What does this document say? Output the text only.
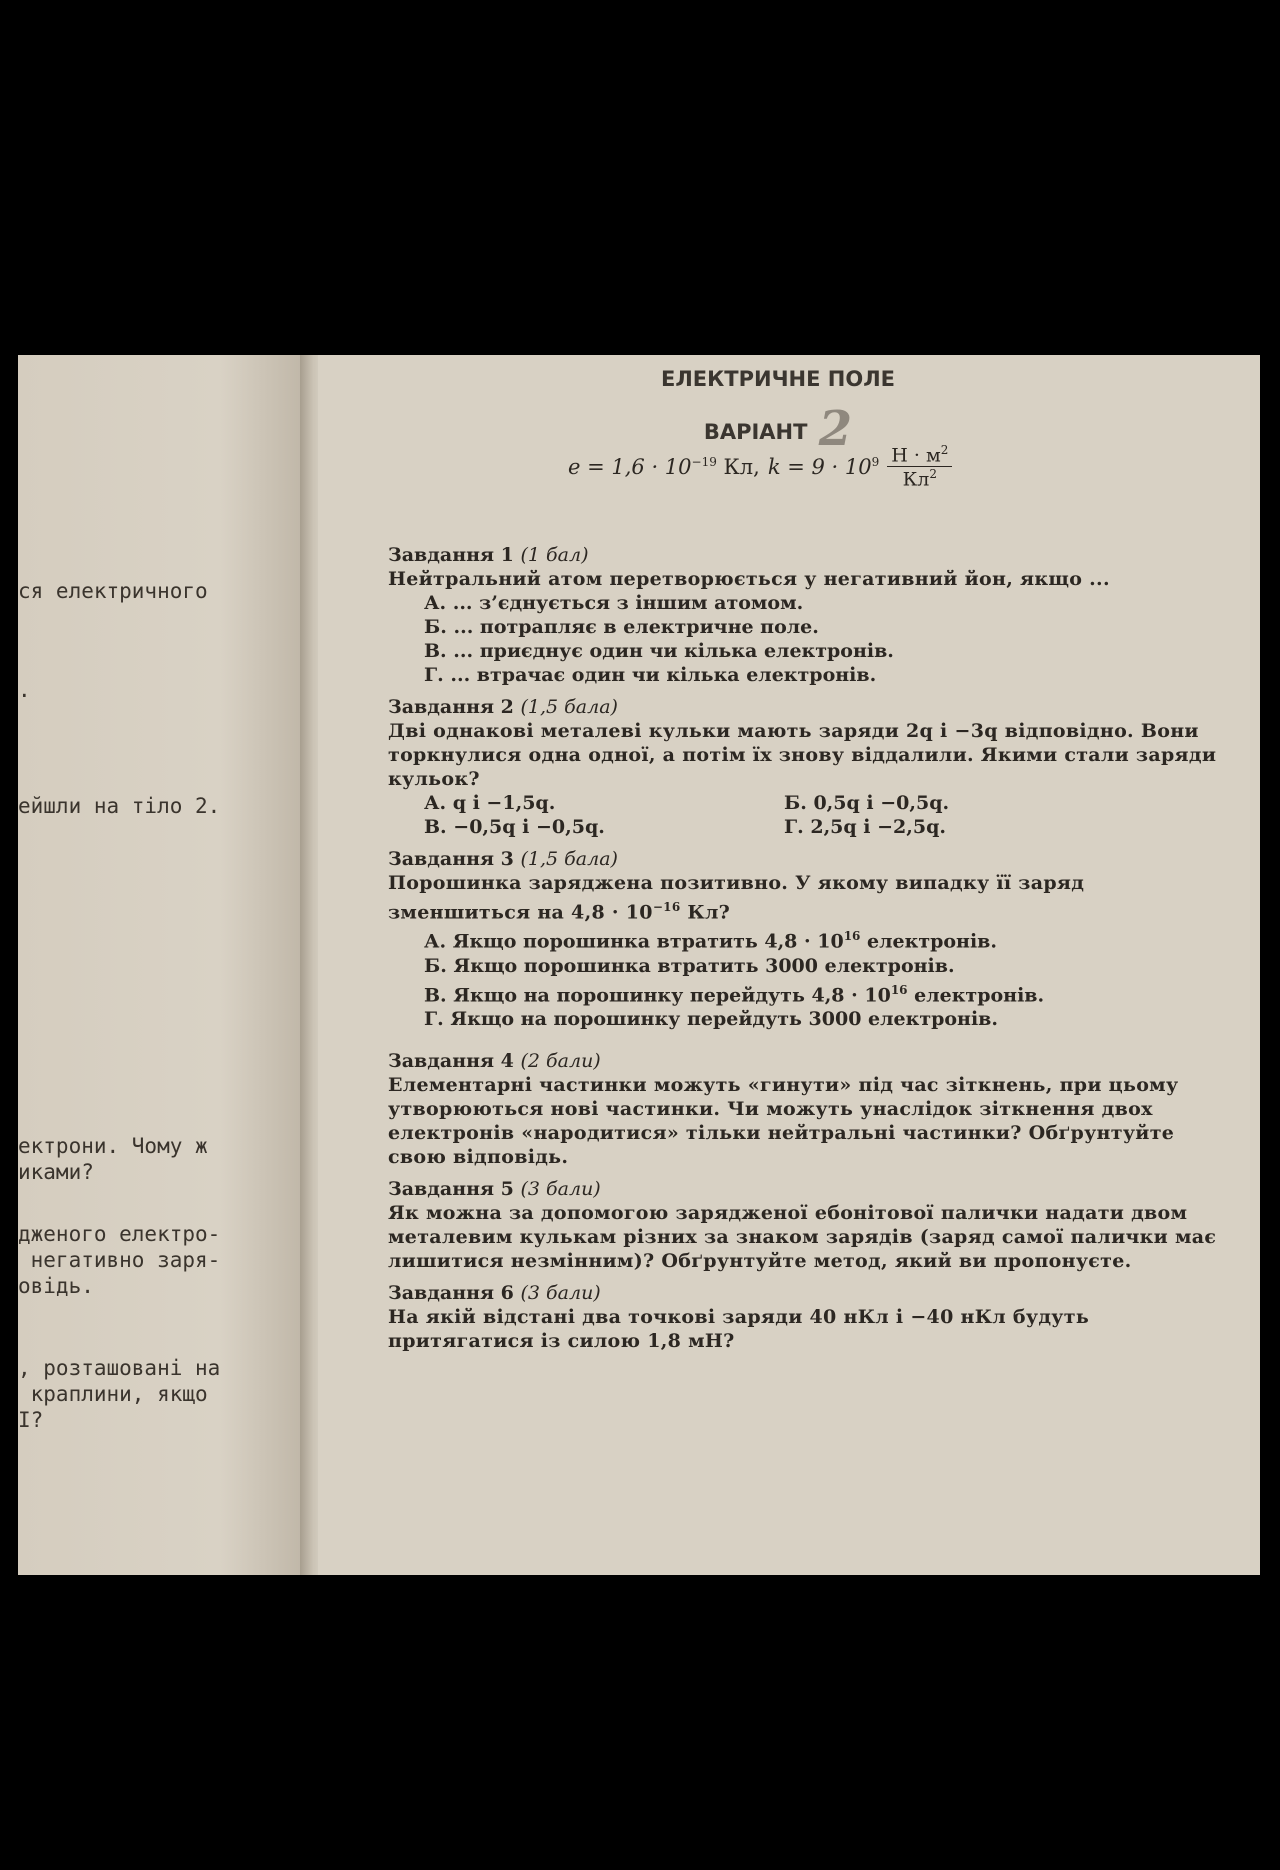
ся електричного
.
ейшли на тіло 2.
ектрони. Чому ж
иками?
дженого електро-
негативно заря-
овідь.
, розташовані на
краплини, якщо
І?
ЕЛЕКТРИЧНЕ ПОЛЕ
ВАРІАНТ 2
$e = 1,6 \cdot 10^{-19}$ Кл, $k = 9 \cdot 10^9 \frac{Н \cdot м^2}{Кл^2}$
Завдання 1 (1 бал)
Нейтральний атом перетворюється у негативний йон, якщо ...
А. ... з’єднується з іншим атомом.
Б. ... потрапляє в електричне поле.
В. ... приєднує один чи кілька електронів.
Г. ... втрачає один чи кілька електронів.
Завдання 2 (1,5 бала)
Дві однакові металеві кульки мають заряди 2q і −3q відповідно. Вони торкнулися одна одної, а потім їх знову віддалили. Якими стали заряди кульок?
А. q і −1,5q.	Б. 0,5q і −0,5q.
В. −0,5q і −0,5q.	Г. 2,5q і −2,5q.
Завдання 3 (1,5 бала)
Порошинка заряджена позитивно. У якому випадку її заряд зменшиться на $4,8 \cdot 10^{-16}$ Кл?
А. Якщо порошинка втратить $4,8 \cdot 10^{16}$ електронів.
Б. Якщо порошинка втратить 3000 електронів.
В. Якщо на порошинку перейдуть $4,8 \cdot 10^{16}$ електронів.
Г. Якщо на порошинку перейдуть 3000 електронів.
Завдання 4 (2 бали)
Елементарні частинки можуть «гинути» під час зіткнень, при цьому утворюються нові частинки. Чи можуть унаслідок зіткнення двох електронів «народитися» тільки нейтральні частинки? Обґрунтуйте свою відповідь.
Завдання 5 (3 бали)
Як можна за допомогою зарядженої ебонітової палички надати двом металевим кулькам різних за знаком зарядів (заряд самої палички має лишитися незмінним)? Обґрунтуйте метод, який ви пропонуєте.
Завдання 6 (3 бали)
На якій відстані два точкові заряди 40 нКл і −40 нКл будуть притягатися із силою 1,8 мН?
